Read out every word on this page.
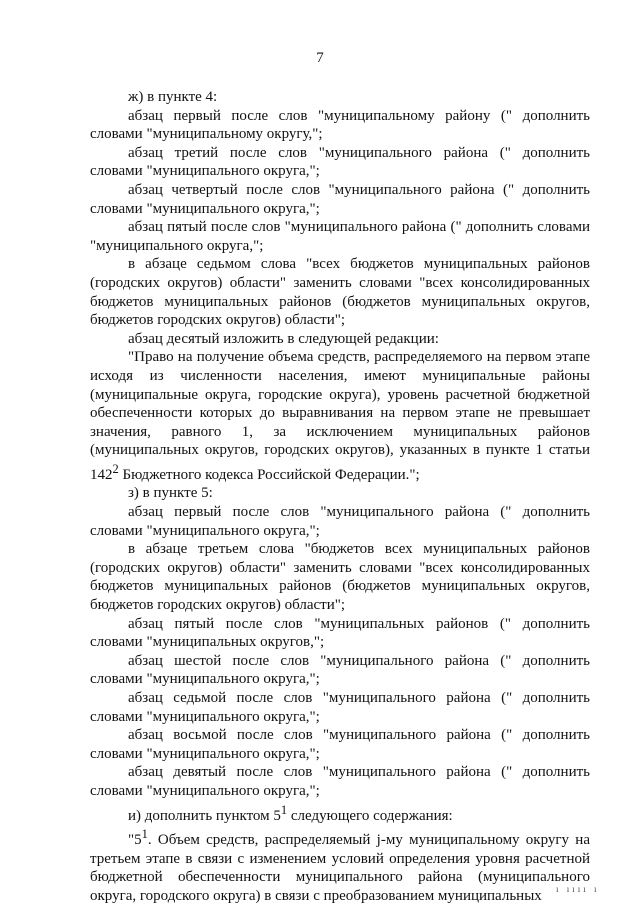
7

ж) в пункте 4:

абзац первый после слов "муниципальному району (" дополнить словами "муниципальному округу,";

абзац третий после слов "муниципального района (" дополнить словами "муниципального округа,";

абзац четвертый после слов "муниципального района (" дополнить словами "муниципального округа,";

абзац пятый после слов "муниципального района (" дополнить словами "муниципального округа,";

в абзаце седьмом слова "всех бюджетов муниципальных районов (городских округов) области" заменить словами "всех консолидированных бюджетов муниципальных районов (бюджетов муниципальных округов, бюджетов городских округов) области";

абзац десятый изложить в следующей редакции:

"Право на получение объема средств, распределяемого на первом этапе исходя из численности населения, имеют муниципальные районы (муниципальные округа, городские округа), уровень расчетной бюджетной обеспеченности которых до выравнивания на первом этапе не превышает значения, равного 1, за исключением муниципальных районов (муниципальных округов, городских округов), указанных в пункте 1 статьи $142^2$ Бюджетного кодекса Российской Федерации.";

з) в пункте 5:

абзац первый после слов "муниципального района (" дополнить словами "муниципального округа,";

в абзаце третьем слова "бюджетов всех муниципальных районов (городских округов) области" заменить словами "всех консолидированных бюджетов муниципальных районов (бюджетов муниципальных округов, бюджетов городских округов) области";

абзац пятый после слов "муниципальных районов (" дополнить словами "муниципальных округов,";

абзац шестой после слов "муниципального района (" дополнить словами "муниципального округа,";

абзац седьмой после слов "муниципального района (" дополнить словами "муниципального округа,";

абзац восьмой после слов "муниципального района (" дополнить словами "муниципального округа,";

абзац девятый после слов "муниципального района (" дополнить словами "муниципального округа,";

и) дополнить пунктом $5^1$ следующего содержания:

"$5^1$. Объем средств, распределяемый j-му муниципальному округу на третьем этапе в связи с изменением условий определения уровня расчетной бюджетной обеспеченности муниципального района (муниципального округа, городского округа) в связи с преобразованием муниципальных	ı ıııı ı
